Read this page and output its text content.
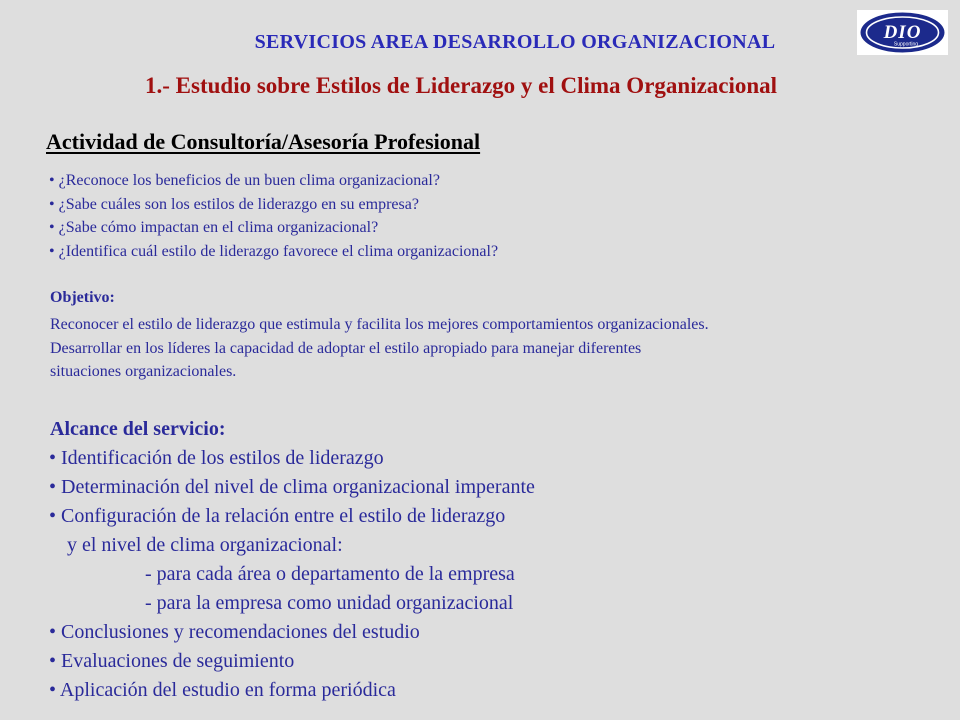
SERVICIOS AREA DESARROLLO ORGANIZACIONAL	DIO
Supporting
1.- Estudio sobre Estilos de Liderazgo y el Clima Organizacional
Actividad de Consultoría/Asesoría Profesional
• ¿Reconoce los beneficios de un buen clima organizacional?
• ¿Sabe cuáles son los estilos de liderazgo en su empresa?
• ¿Sabe cómo impactan en el clima organizacional?
• ¿Identifica cuál estilo de liderazgo favorece el clima organizacional?
Objetivo:
Reconocer el estilo de liderazgo que estimula y facilita los mejores comportamientos organizacionales.
Desarrollar en los líderes la capacidad de adoptar el estilo apropiado para manejar diferentes
situaciones organizacionales.
Alcance del servicio:
• Identificación de los estilos de liderazgo
• Determinación del nivel de clima organizacional imperante
• Configuración de la relación entre el estilo de liderazgo
y el nivel de clima organizacional:
- para cada área o departamento de la empresa
- para la empresa como unidad organizacional
• Conclusiones y recomendaciones del estudio
• Evaluaciones de seguimiento
• Aplicación del estudio en forma periódica
